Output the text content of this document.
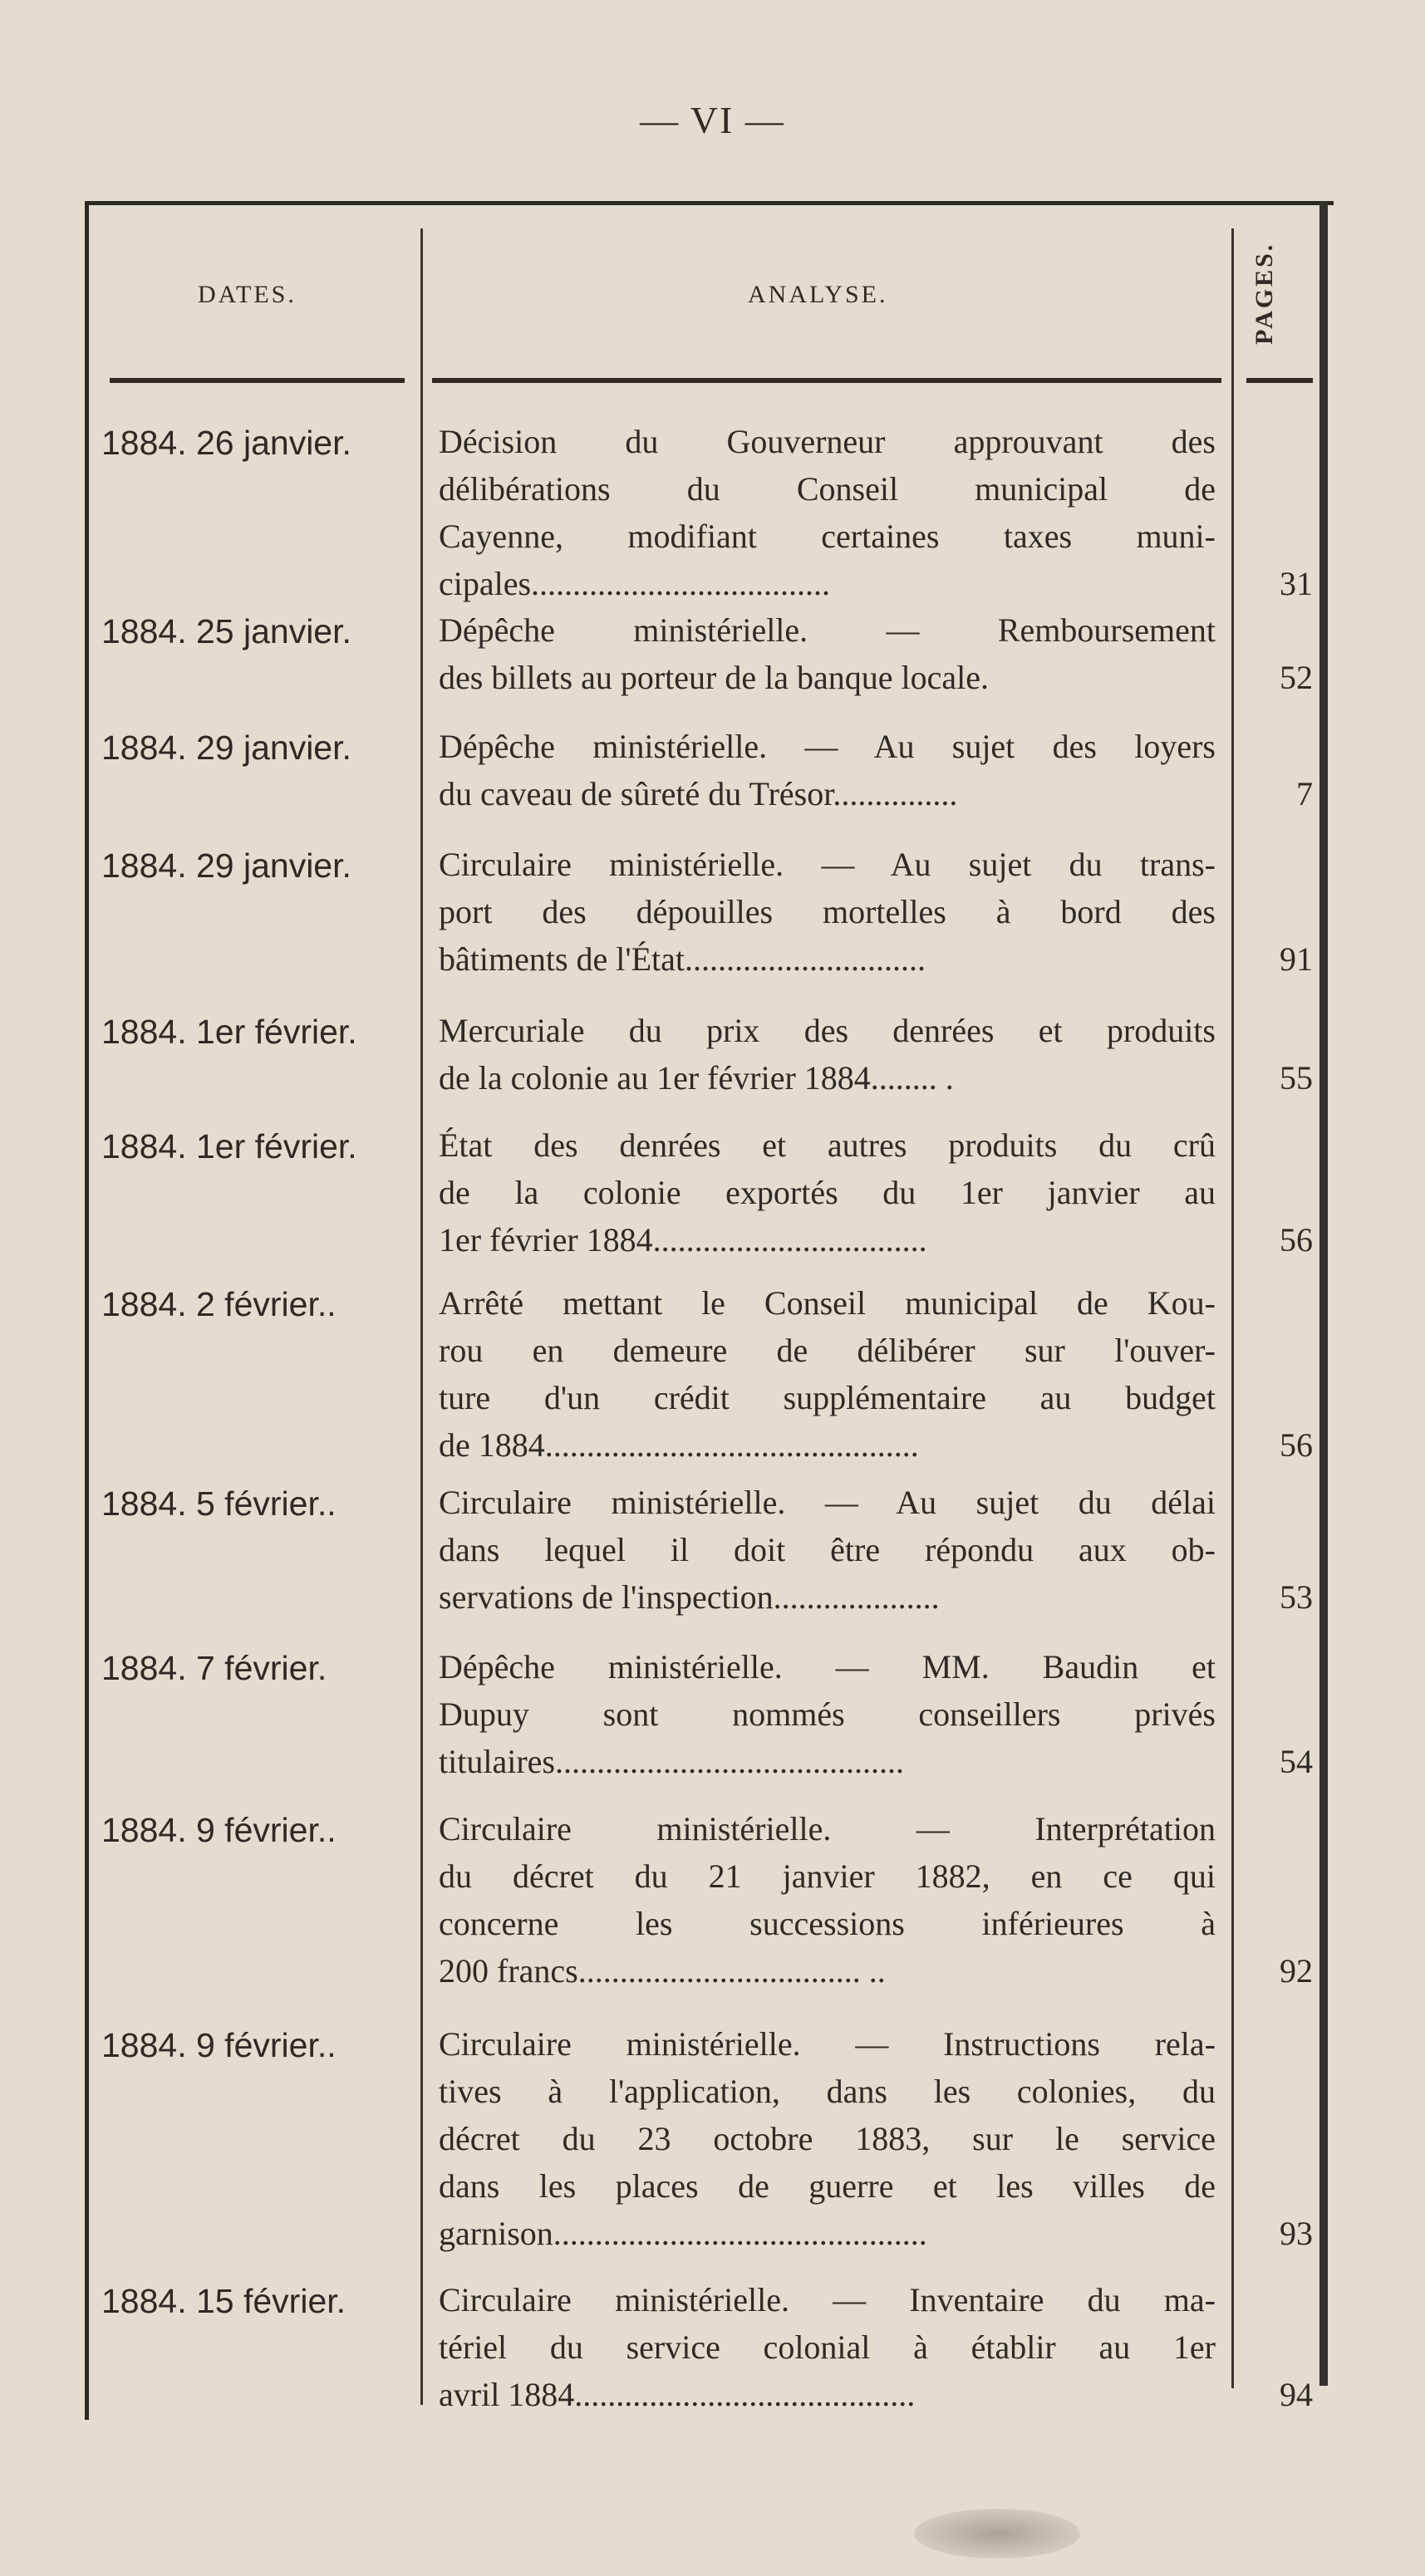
— VI —
DATES.	ANALYSE.	PAGES.
1884. 26 janvier.	Décision du Gouverneur approuvant des
délibérations du Conseil municipal de
Cayenne, modifiant certaines taxes muni-
cipales....................................	31
1884. 25 janvier.	Dépêche ministérielle. — Remboursement
des billets au porteur de la banque locale.	52
1884. 29 janvier.	Dépêche ministérielle. — Au sujet des loyers
du caveau de sûreté du Trésor...............	7
1884. 29 janvier.	Circulaire ministérielle. — Au sujet du trans-
port des dépouilles mortelles à bord des
bâtiments de l'État.............................	91
1884. 1er février.	Mercuriale du prix des denrées et produits
de la colonie au 1er février 1884........ .	55
1884. 1er février.	État des denrées et autres produits du crû
de la colonie exportés du 1er janvier au
1er février 1884.................................	56
1884. 2 février..	Arrêté mettant le Conseil municipal de Kou-
rou en demeure de délibérer sur l'ouver-
ture d'un crédit supplémentaire au budget
de 1884.............................................	56
1884. 5 février..	Circulaire ministérielle. — Au sujet du délai
dans lequel il doit être répondu aux ob-
servations de l'inspection....................	53
1884. 7 février.	Dépêche ministérielle. — MM. Baudin et
Dupuy sont nommés conseillers privés
titulaires..........................................	54
1884. 9 février..	Circulaire ministérielle. — Interprétation
du décret du 21 janvier 1882, en ce qui
concerne les successions inférieures à
200 francs.................................. ..	92
1884. 9 février..	Circulaire ministérielle. — Instructions rela-
tives à l'application, dans les colonies, du
décret du 23 octobre 1883, sur le service
dans les places de guerre et les villes de
garnison.............................................	93
1884. 15 février.	Circulaire ministérielle. — Inventaire du ma-
tériel du service colonial à établir au 1er
avril 1884.........................................	94
